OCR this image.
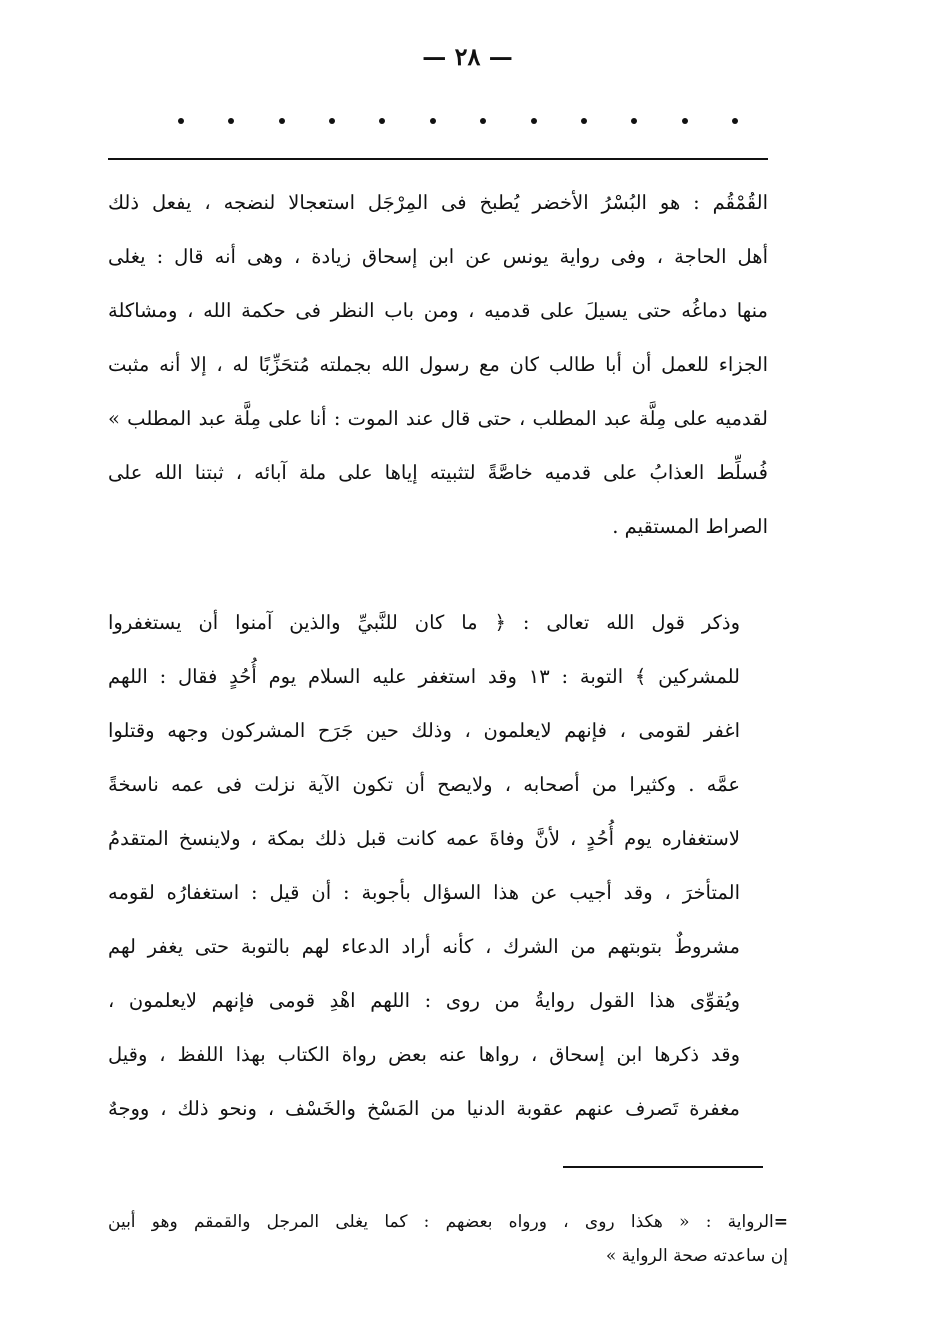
— ٢٨ —
القُمْقُم : هو البُسْرُ الأخضر يُطبخ فى المِرْجَل استعجالا لنضجه ، يفعل ذلك
أهل الحاجة ، وفى رواية يونس عن ابن إسحاق زيادة ، وهى أنه قال : يغلى
منها دماغُه حتى يسيلَ على قدميه ، ومن باب النظر فى حكمة الله ، ومشاكلة
الجزاء للعمل أن أبا طالب كان مع رسول الله بجملته مُتحَزِّبًا له ، إلا أنه مثبت
لقدميه على مِلَّة عبد المطلب ، حتى قال عند الموت : أنا على مِلَّة عبد المطلب »
فُسلِّط العذابُ على قدميه خاصَّةً لتثبيته إياها على ملة آبائه ، ثبتنا الله على
الصراط المستقيم .
وذكر قول الله تعالى : ﴿ ما كان للنَّبيِّ والذين آمنوا أن يستغفروا
للمشركين ﴾ التوبة : ١٣ وقد استغفر عليه السلام يوم أُحُدٍ فقال : اللهم
اغفر لقومى ، فإنهم لايعلمون ، وذلك حين جَرَح المشركون وجهه وقتلوا
عمَّه . وكثيرا من أصحابه ، ولايصح أن تكون الآية نزلت فى عمه ناسخةً
لاستغفاره يوم أُحُدٍ ، لأنَّ وفاةَ عمه كانت قبل ذلك بمكة ، ولاينسخ المتقدمُ
المتأخرَ ، وقد أجيب عن هذا السؤال بأجوبة : أن قيل : استغفارُه لقومه
مشروطٌ بتوبتهم من الشرك ، كأنه أراد الدعاء لهم بالتوبة حتى يغفر لهم
ويُقوِّى هذا القول روايةُ من روى : اللهم اهْدِ قومى فإنهم لايعلمون ،
وقد ذكرها ابن إسحاق ، رواها عنه بعض رواة الكتاب بهذا اللفظ ، وقيل
مغفرة تَصرف عنهم عقوبة الدنيا من المَسْخ والخَسْف ، ونحو ذلك ، ووجهٌ
=الرواية : « هكذا روى ، ورواه بعضهم : كما يغلى المرجل والقمقم وهو أبين
إن ساعدته صحة الرواية »
